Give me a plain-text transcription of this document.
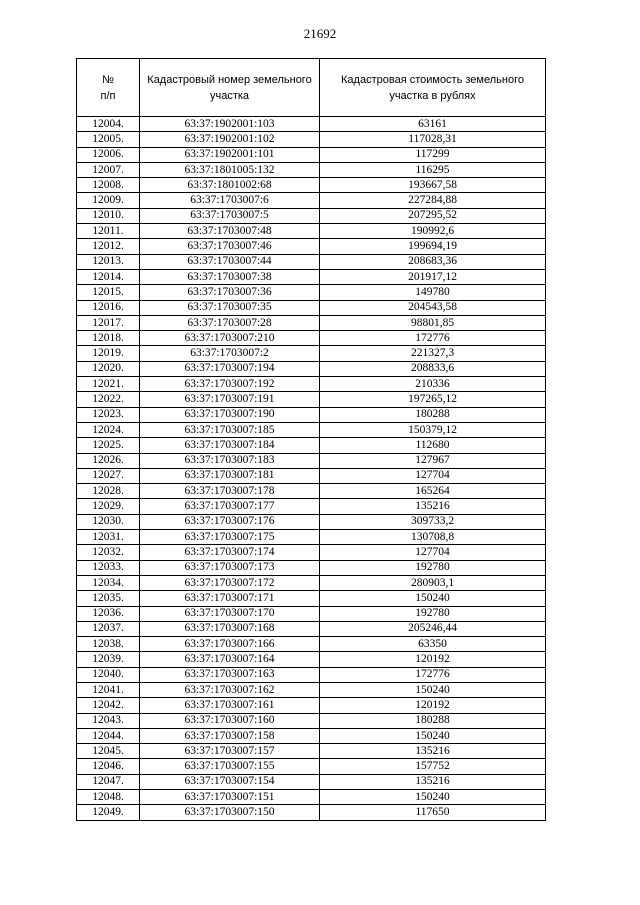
21692
№
п/п	Кадастровый номер земельного участка	Кадастровая стоимость земельного участка в рублях
12004.	63:37:1902001:103	63161
12005.	63:37:1902001:102	117028,31
12006.	63:37:1902001:101	117299
12007.	63:37:1801005:132	116295
12008.	63:37:1801002:68	193667,58
12009.	63:37:1703007:6	227284,88
12010.	63:37:1703007:5	207295,52
12011.	63:37:1703007:48	190992,6
12012.	63:37:1703007:46	199694,19
12013.	63:37:1703007:44	208683,36
12014.	63:37:1703007:38	201917,12
12015.	63:37:1703007:36	149780
12016.	63:37:1703007:35	204543,58
12017.	63:37:1703007:28	98801,85
12018.	63:37:1703007:210	172776
12019.	63:37:1703007:2	221327,3
12020.	63:37:1703007:194	208833,6
12021.	63:37:1703007:192	210336
12022.	63:37:1703007:191	197265,12
12023.	63:37:1703007:190	180288
12024.	63:37:1703007:185	150379,12
12025.	63:37:1703007:184	112680
12026.	63:37:1703007:183	127967
12027.	63:37:1703007:181	127704
12028.	63:37:1703007:178	165264
12029.	63:37:1703007:177	135216
12030.	63:37:1703007:176	309733,2
12031.	63:37:1703007:175	130708,8
12032.	63:37:1703007:174	127704
12033.	63:37:1703007:173	192780
12034.	63:37:1703007:172	280903,1
12035.	63:37:1703007:171	150240
12036.	63:37:1703007:170	192780
12037.	63:37:1703007:168	205246,44
12038.	63:37:1703007:166	63350
12039.	63:37:1703007:164	120192
12040.	63:37:1703007:163	172776
12041.	63:37:1703007:162	150240
12042.	63:37:1703007:161	120192
12043.	63:37:1703007:160	180288
12044.	63:37:1703007:158	150240
12045.	63:37:1703007:157	135216
12046.	63:37:1703007:155	157752
12047.	63:37:1703007:154	135216
12048.	63:37:1703007:151	150240
12049.	63:37:1703007:150	117650
